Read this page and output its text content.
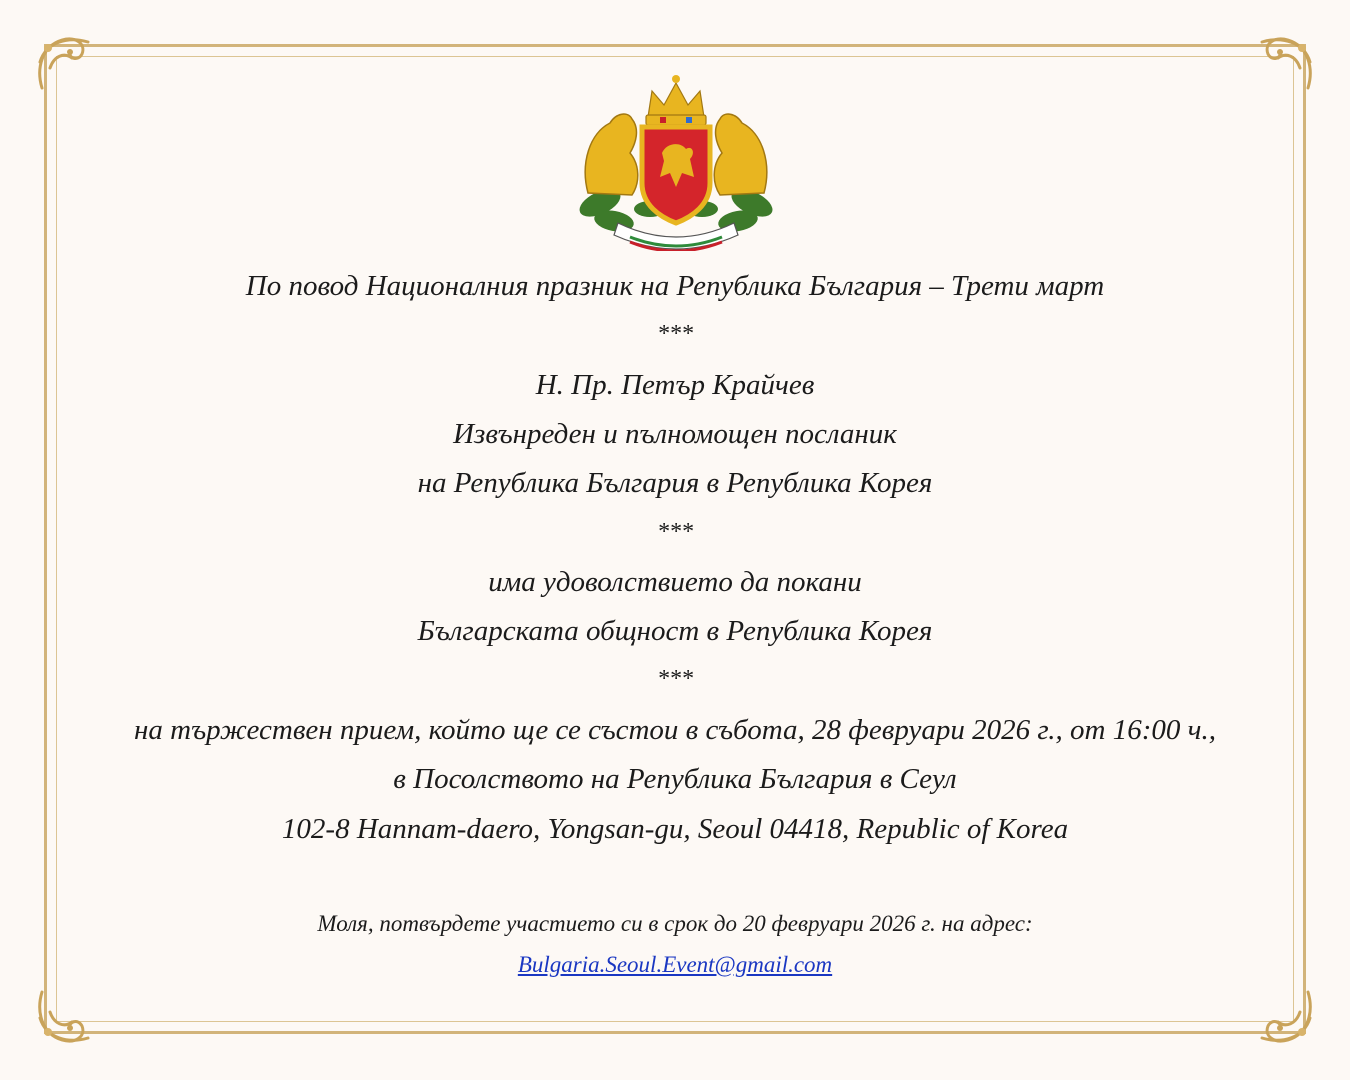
По повод Националния празник на Република България – Трети март
***
Н. Пр. Петър Крайчев
Извънреден и пълномощен посланик
на Република България в Република Корея
***
има удоволствието да покани
Българската общност в Република Корея
***
на тържествен прием, който ще се състои в събота, 28 февруари 2026 г., от 16:00 ч.,
в Посолството на Република България в Сеул
102-8 Hannam-daero, Yongsan-gu, Seoul 04418, Republic of Korea
Моля, потвърдете участието си в срок до 20 февруари 2026 г. на адрес:
Bulgaria.Seoul.Event@gmail.com
